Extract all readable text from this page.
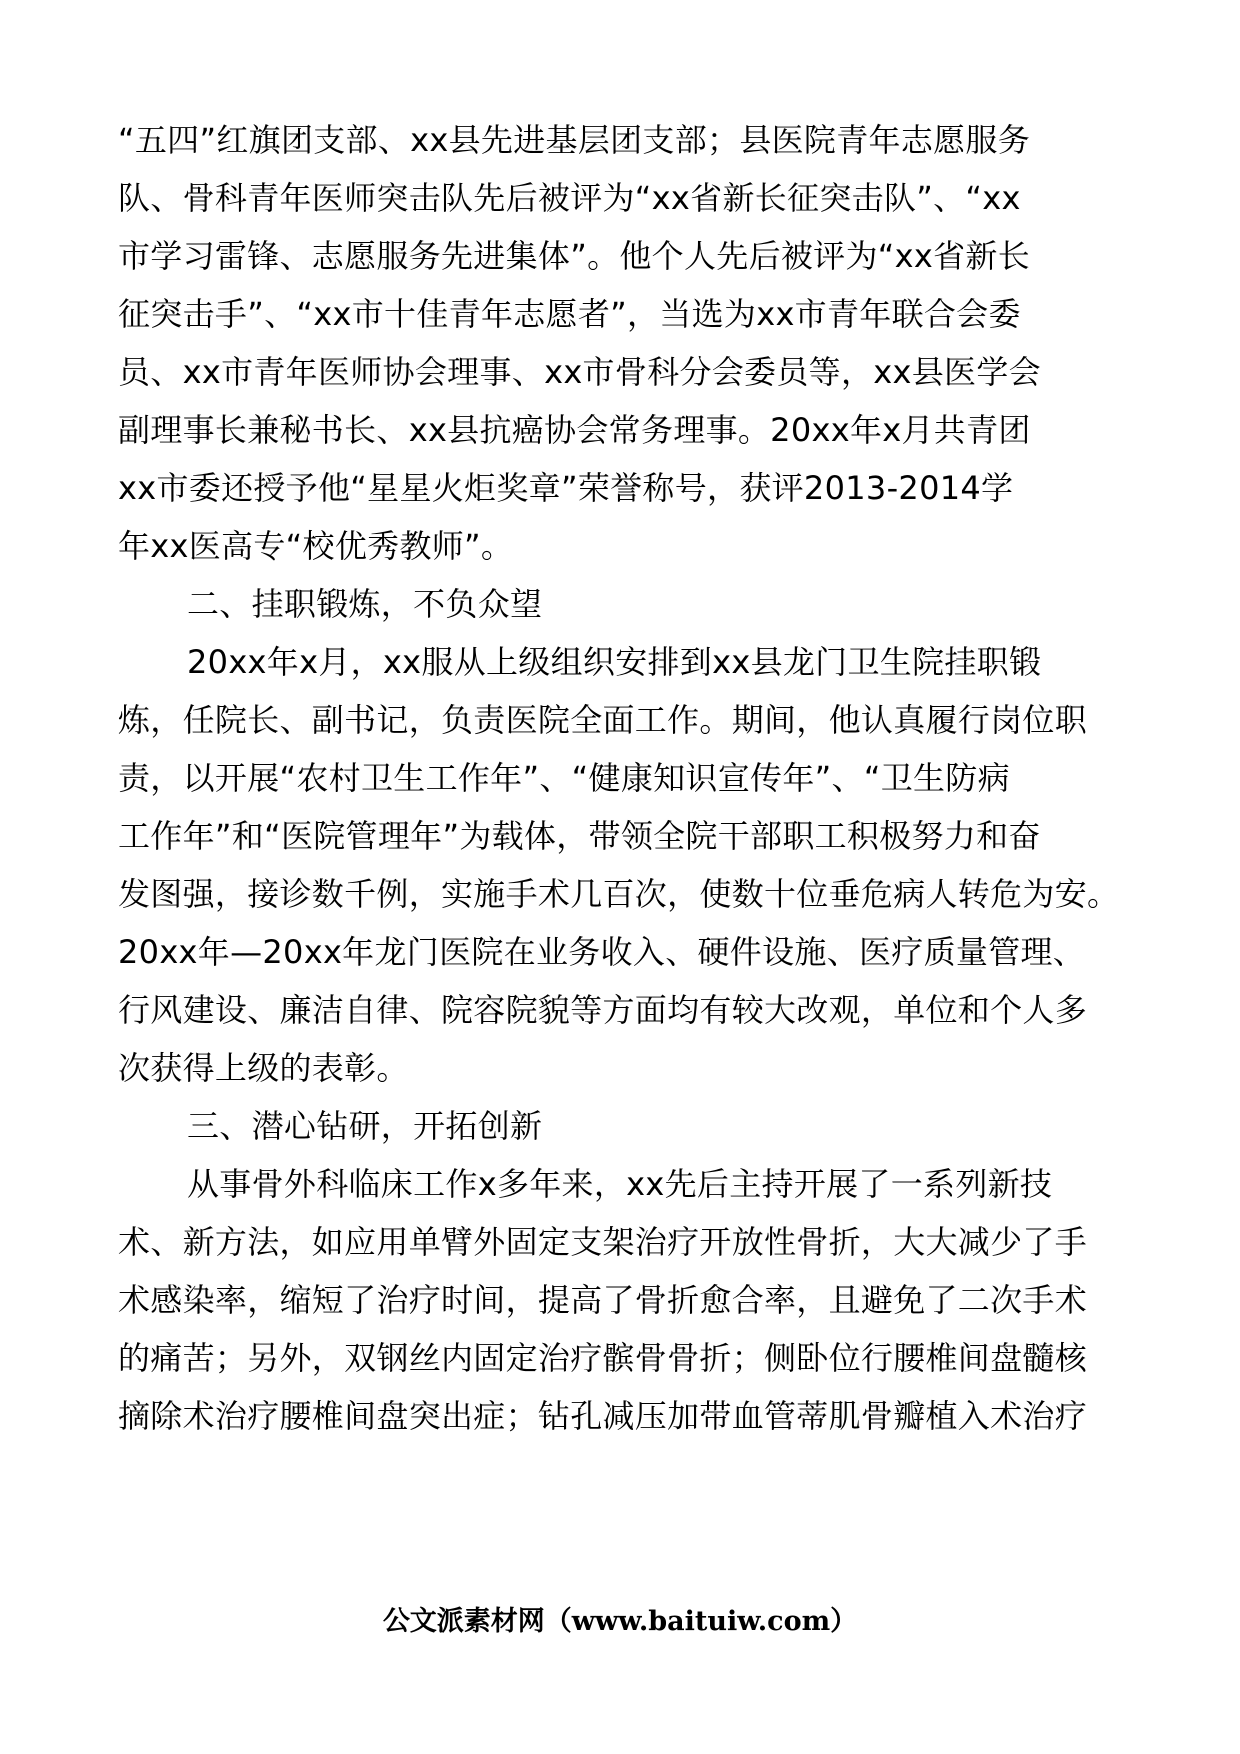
“五四”红旗团支部、xx县先进基层团支部；县医院青年志愿服务
队、骨科青年医师突击队先后被评为“xx省新长征突击队”、“xx
市学习雷锋、志愿服务先进集体”。他个人先后被评为“xx省新长
征突击手”、“xx市十佳青年志愿者”，当选为xx市青年联合会委
员、xx市青年医师协会理事、xx市骨科分会委员等，xx县医学会
副理事长兼秘书长、xx县抗癌协会常务理事。20xx年x月共青团
xx市委还授予他“星星火炬奖章”荣誉称号，获评2013-2014学
年xx医高专“校优秀教师”。
二、挂职锻炼，不负众望
20xx年x月，xx服从上级组织安排到xx县龙门卫生院挂职锻
炼，任院长、副书记，负责医院全面工作。期间，他认真履行岗位职
责，以开展“农村卫生工作年”、“健康知识宣传年”、“卫生防病
工作年”和“医院管理年”为载体，带领全院干部职工积极努力和奋
发图强，接诊数千例，实施手术几百次，使数十位垂危病人转危为安。
20xx年—20xx年龙门医院在业务收入、硬件设施、医疗质量管理、
行风建设、廉洁自律、院容院貌等方面均有较大改观，单位和个人多
次获得上级的表彰。
三、潜心钻研，开拓创新
从事骨外科临床工作x多年来，xx先后主持开展了一系列新技
术、新方法，如应用单臂外固定支架治疗开放性骨折，大大减少了手
术感染率，缩短了治疗时间，提高了骨折愈合率，且避免了二次手术
的痛苦；另外，双钢丝内固定治疗髌骨骨折；侧卧位行腰椎间盘髓核
摘除术治疗腰椎间盘突出症；钻孔减压加带血管蒂肌骨瓣植入术治疗
公文派素材网（www.baituiw.com）
